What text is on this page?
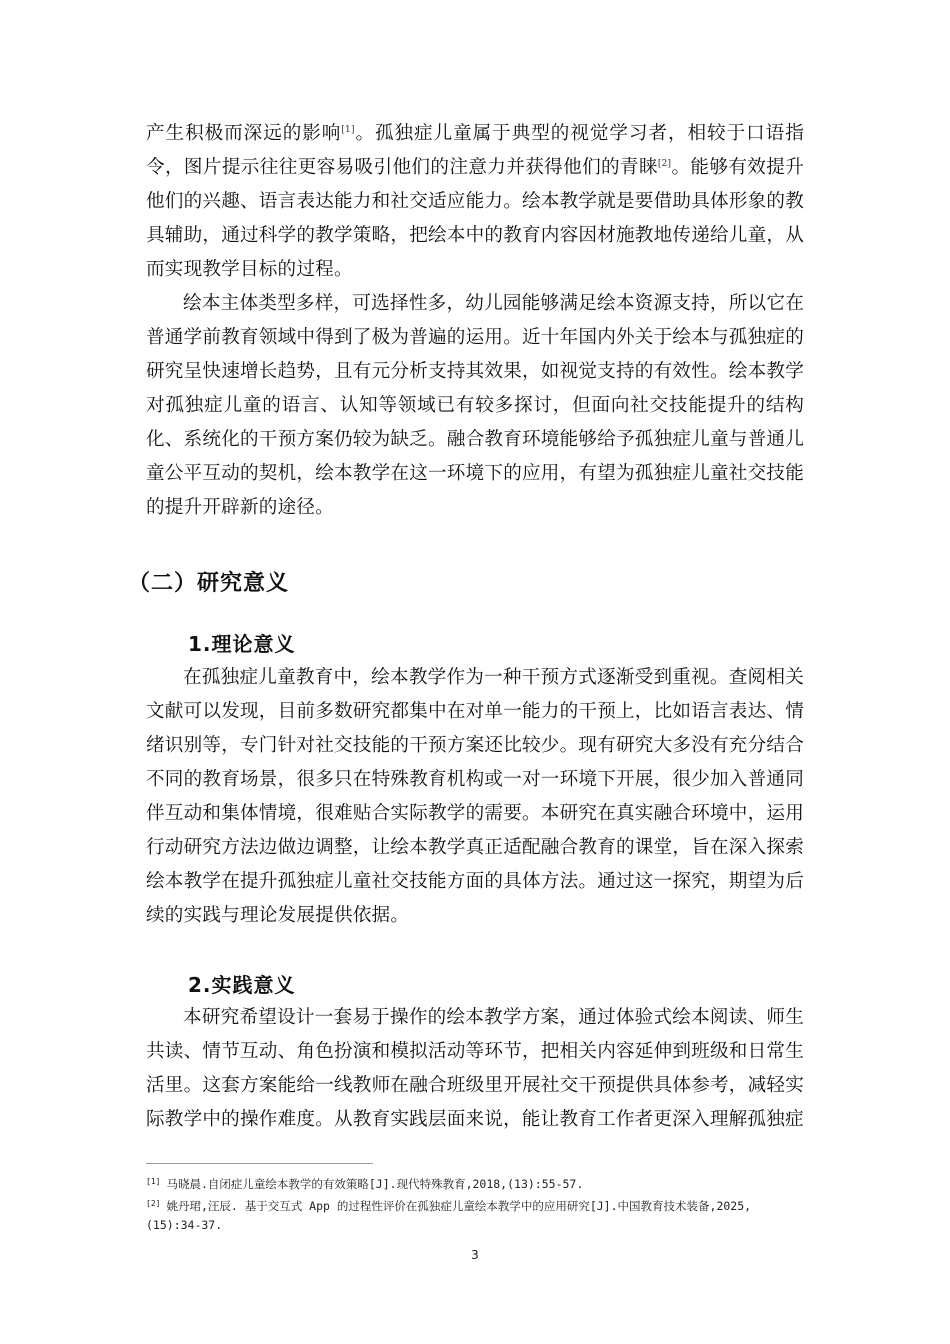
产生积极而深远的影响[1]。孤独症儿童属于典型的视觉学习者，相较于口语指令，图片提示往往更容易吸引他们的注意力并获得他们的青睐[2]。能够有效提升他们的兴趣、语言表达能力和社交适应能力。绘本教学就是要借助具体形象的教具辅助，通过科学的教学策略，把绘本中的教育内容因材施教地传递给儿童，从而实现教学目标的过程。

绘本主体类型多样，可选择性多，幼儿园能够满足绘本资源支持，所以它在普通学前教育领域中得到了极为普遍的运用。近十年国内外关于绘本与孤独症的研究呈快速增长趋势，且有元分析支持其效果，如视觉支持的有效性。绘本教学对孤独症儿童的语言、认知等领域已有较多探讨，但面向社交技能提升的结构化、系统化的干预方案仍较为缺乏。融合教育环境能够给予孤独症儿童与普通儿童公平互动的契机，绘本教学在这一环境下的应用，有望为孤独症儿童社交技能的提升开辟新的途径。

（二）研究意义
1.理论意义

在孤独症儿童教育中，绘本教学作为一种干预方式逐渐受到重视。查阅相关文献可以发现，目前多数研究都集中在对单一能力的干预上，比如语言表达、情绪识别等，专门针对社交技能的干预方案还比较少。现有研究大多没有充分结合不同的教育场景，很多只在特殊教育机构或一对一环境下开展，很少加入普通同伴互动和集体情境，很难贴合实际教学的需要。本研究在真实融合环境中，运用行动研究方法边做边调整，让绘本教学真正适配融合教育的课堂，旨在深入探索绘本教学在提升孤独症儿童社交技能方面的具体方法。通过这一探究，期望为后续的实践与理论发展提供依据。

2.实践意义

本研究希望设计一套易于操作的绘本教学方案，通过体验式绘本阅读、师生共读、情节互动、角色扮演和模拟活动等环节，把相关内容延伸到班级和日常生活里。这套方案能给一线教师在融合班级里开展社交干预提供具体参考，减轻实际教学中的操作难度。从教育实践层面来说，能让教育工作者更深入理解孤独症

[1] 马晓晨.自闭症儿童绘本教学的有效策略[J].现代特殊教育,2018,(13):55-57.

[2] 姚丹珺,汪辰. 基于交互式 App 的过程性评价在孤独症儿童绘本教学中的应用研究[J].中国教育技术装备,2025,(15):34-37.

3
